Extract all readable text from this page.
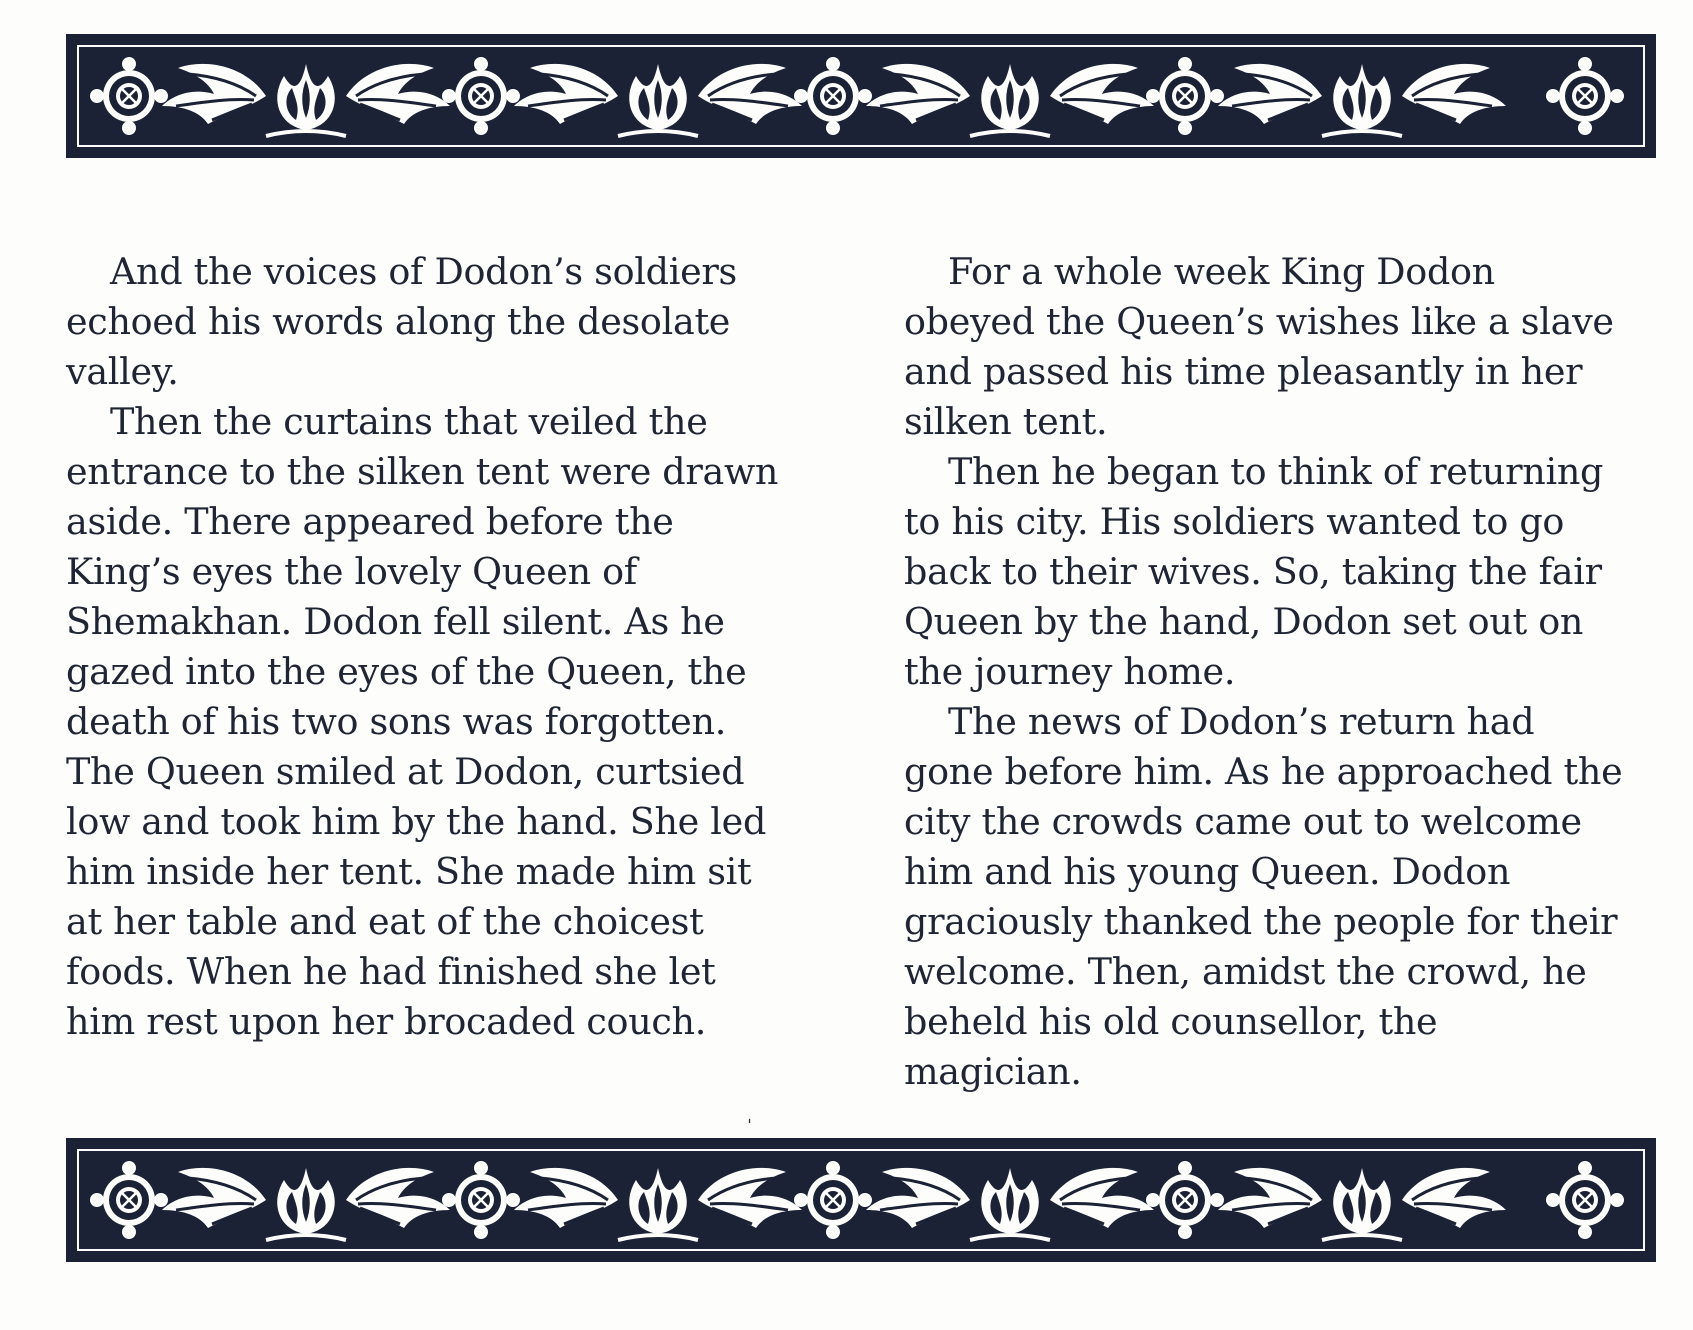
And the voices of Dodon’s soldiers echoed his words along the desolate valley.

Then the curtains that veiled the entrance to the silken tent were drawn aside. There appeared before the King’s eyes the lovely Queen of Shemakhan. Dodon fell silent. As he gazed into the eyes of the Queen, the death of his two sons was forgotten. The Queen smiled at Dodon, curtsied low and took him by the hand. She led him inside her tent. She made him sit at her table and eat of the choicest foods. When he had finished she let him rest upon her brocaded couch.

For a whole week King Dodon obeyed the Queen’s wishes like a slave and passed his time pleasantly in her silken tent.

Then he began to think of returning to his city. His soldiers wanted to go back to their wives. So, taking the fair Queen by the hand, Dodon set out on the journey home.

The news of Dodon’s return had gone before him. As he approached the city the crowds came out to welcome him and his young Queen. Dodon graciously thanked the people for their welcome. Then, amidst the crowd, he beheld his old counsellor, the magician.

ˌ
